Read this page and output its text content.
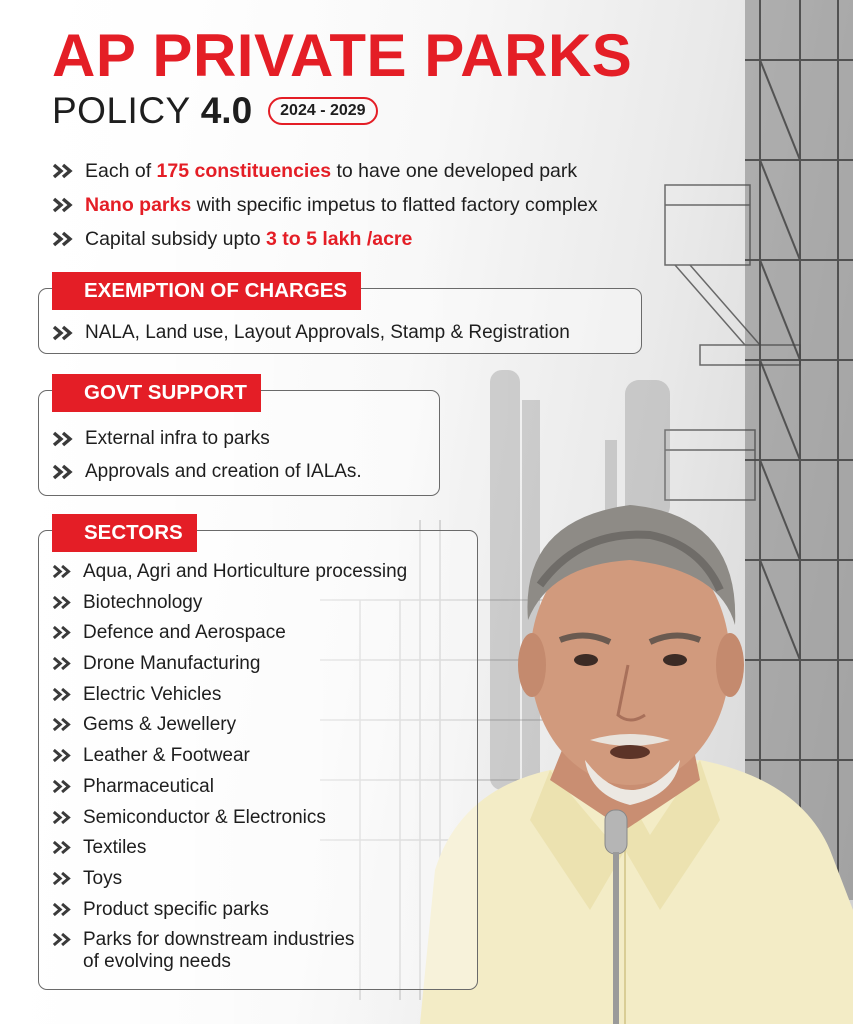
AP PRIVATE PARKS
POLICY 4.0	2024 - 2029
Each of 175 constituencies to have one developed park
Nano parks with specific impetus to flatted factory complex
Capital subsidy upto 3 to 5 lakh /acre
EXEMPTION OF CHARGES
NALA, Land use, Layout Approvals, Stamp & Registration
GOVT SUPPORT
External infra to parks
Approvals and creation of IALAs.
SECTORS
Aqua, Agri and Horticulture processing
Biotechnology
Defence and Aerospace
Drone Manufacturing
Electric Vehicles
Gems & Jewellery
Leather & Footwear
Pharmaceutical
Semiconductor & Electronics
Textiles
Toys
Product specific parks
Parks for downstream industries
of evolving needs
